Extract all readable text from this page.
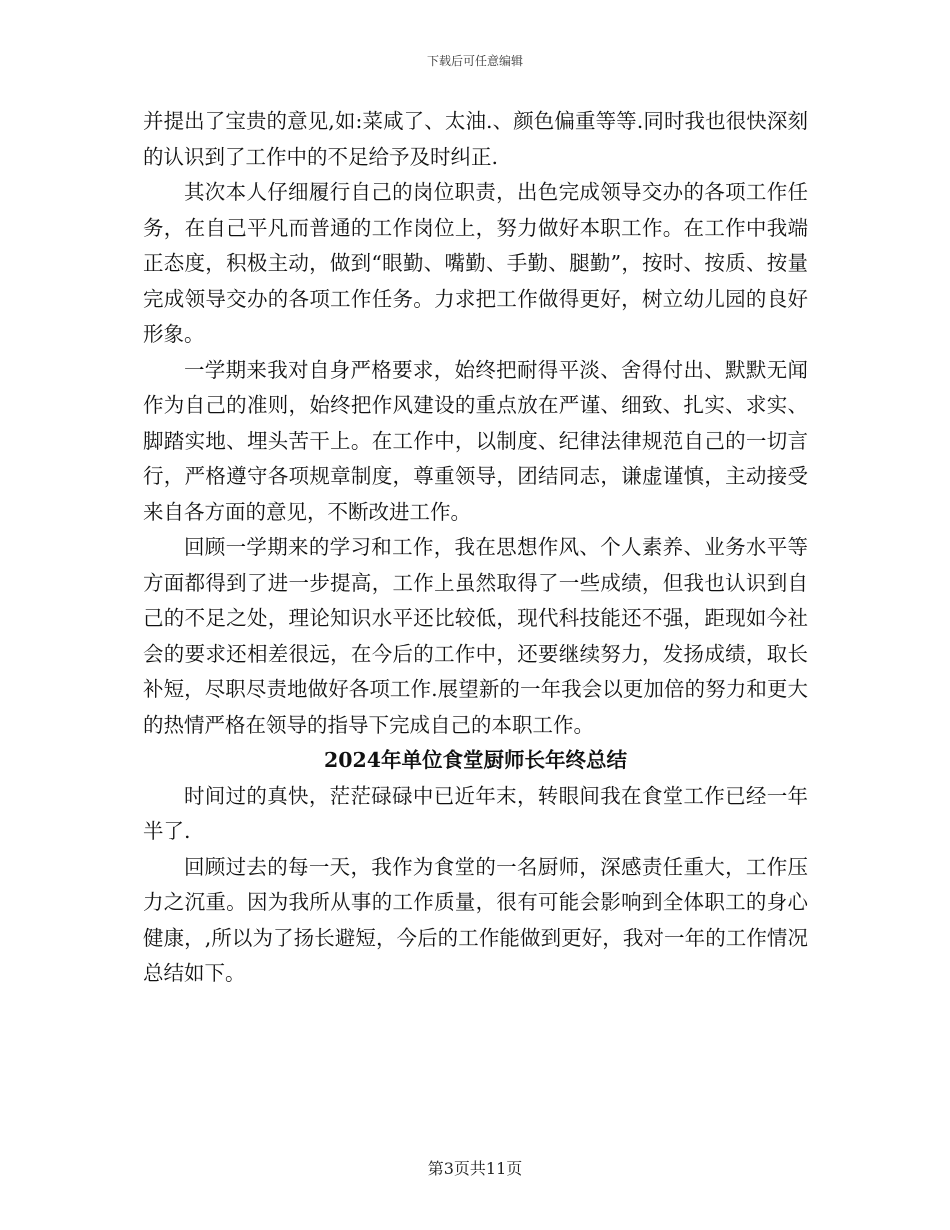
下载后可任意编辑

并提出了宝贵的意见,如:菜咸了、太油.、颜色偏重等等.同时我也很快深刻的认识到了工作中的不足给予及时纠正.

其次本人仔细履行自己的岗位职责，出色完成领导交办的各项工作任务，在自己平凡而普通的工作岗位上，努力做好本职工作。在工作中我端正态度，积极主动，做到“眼勤、嘴勤、手勤、腿勤”，按时、按质、按量完成领导交办的各项工作任务。力求把工作做得更好，树立幼儿园的良好形象。

一学期来我对自身严格要求，始终把耐得平淡、舍得付出、默默无闻作为自己的准则，始终把作风建设的重点放在严谨、细致、扎实、求实、脚踏实地、埋头苦干上。在工作中，以制度、纪律法律规范自己的一切言行，严格遵守各项规章制度，尊重领导，团结同志，谦虚谨慎，主动接受来自各方面的意见，不断改进工作。

回顾一学期来的学习和工作，我在思想作风、个人素养、业务水平等方面都得到了进一步提高，工作上虽然取得了一些成绩，但我也认识到自己的不足之处，理论知识水平还比较低，现代科技能还不强，距现如今社会的要求还相差很远，在今后的工作中，还要继续努力，发扬成绩，取长补短，尽职尽责地做好各项工作.展望新的一年我会以更加倍的努力和更大的热情严格在领导的指导下完成自己的本职工作。

2024年单位食堂厨师长年终总结

时间过的真快，茫茫碌碌中已近年末，转眼间我在食堂工作已经一年半了.

回顾过去的每一天，我作为食堂的一名厨师，深感责任重大，工作压力之沉重。因为我所从事的工作质量，很有可能会影响到全体职工的身心健康，,所以为了扬长避短，今后的工作能做到更好，我对一年的工作情况总结如下。

第3页共11页
